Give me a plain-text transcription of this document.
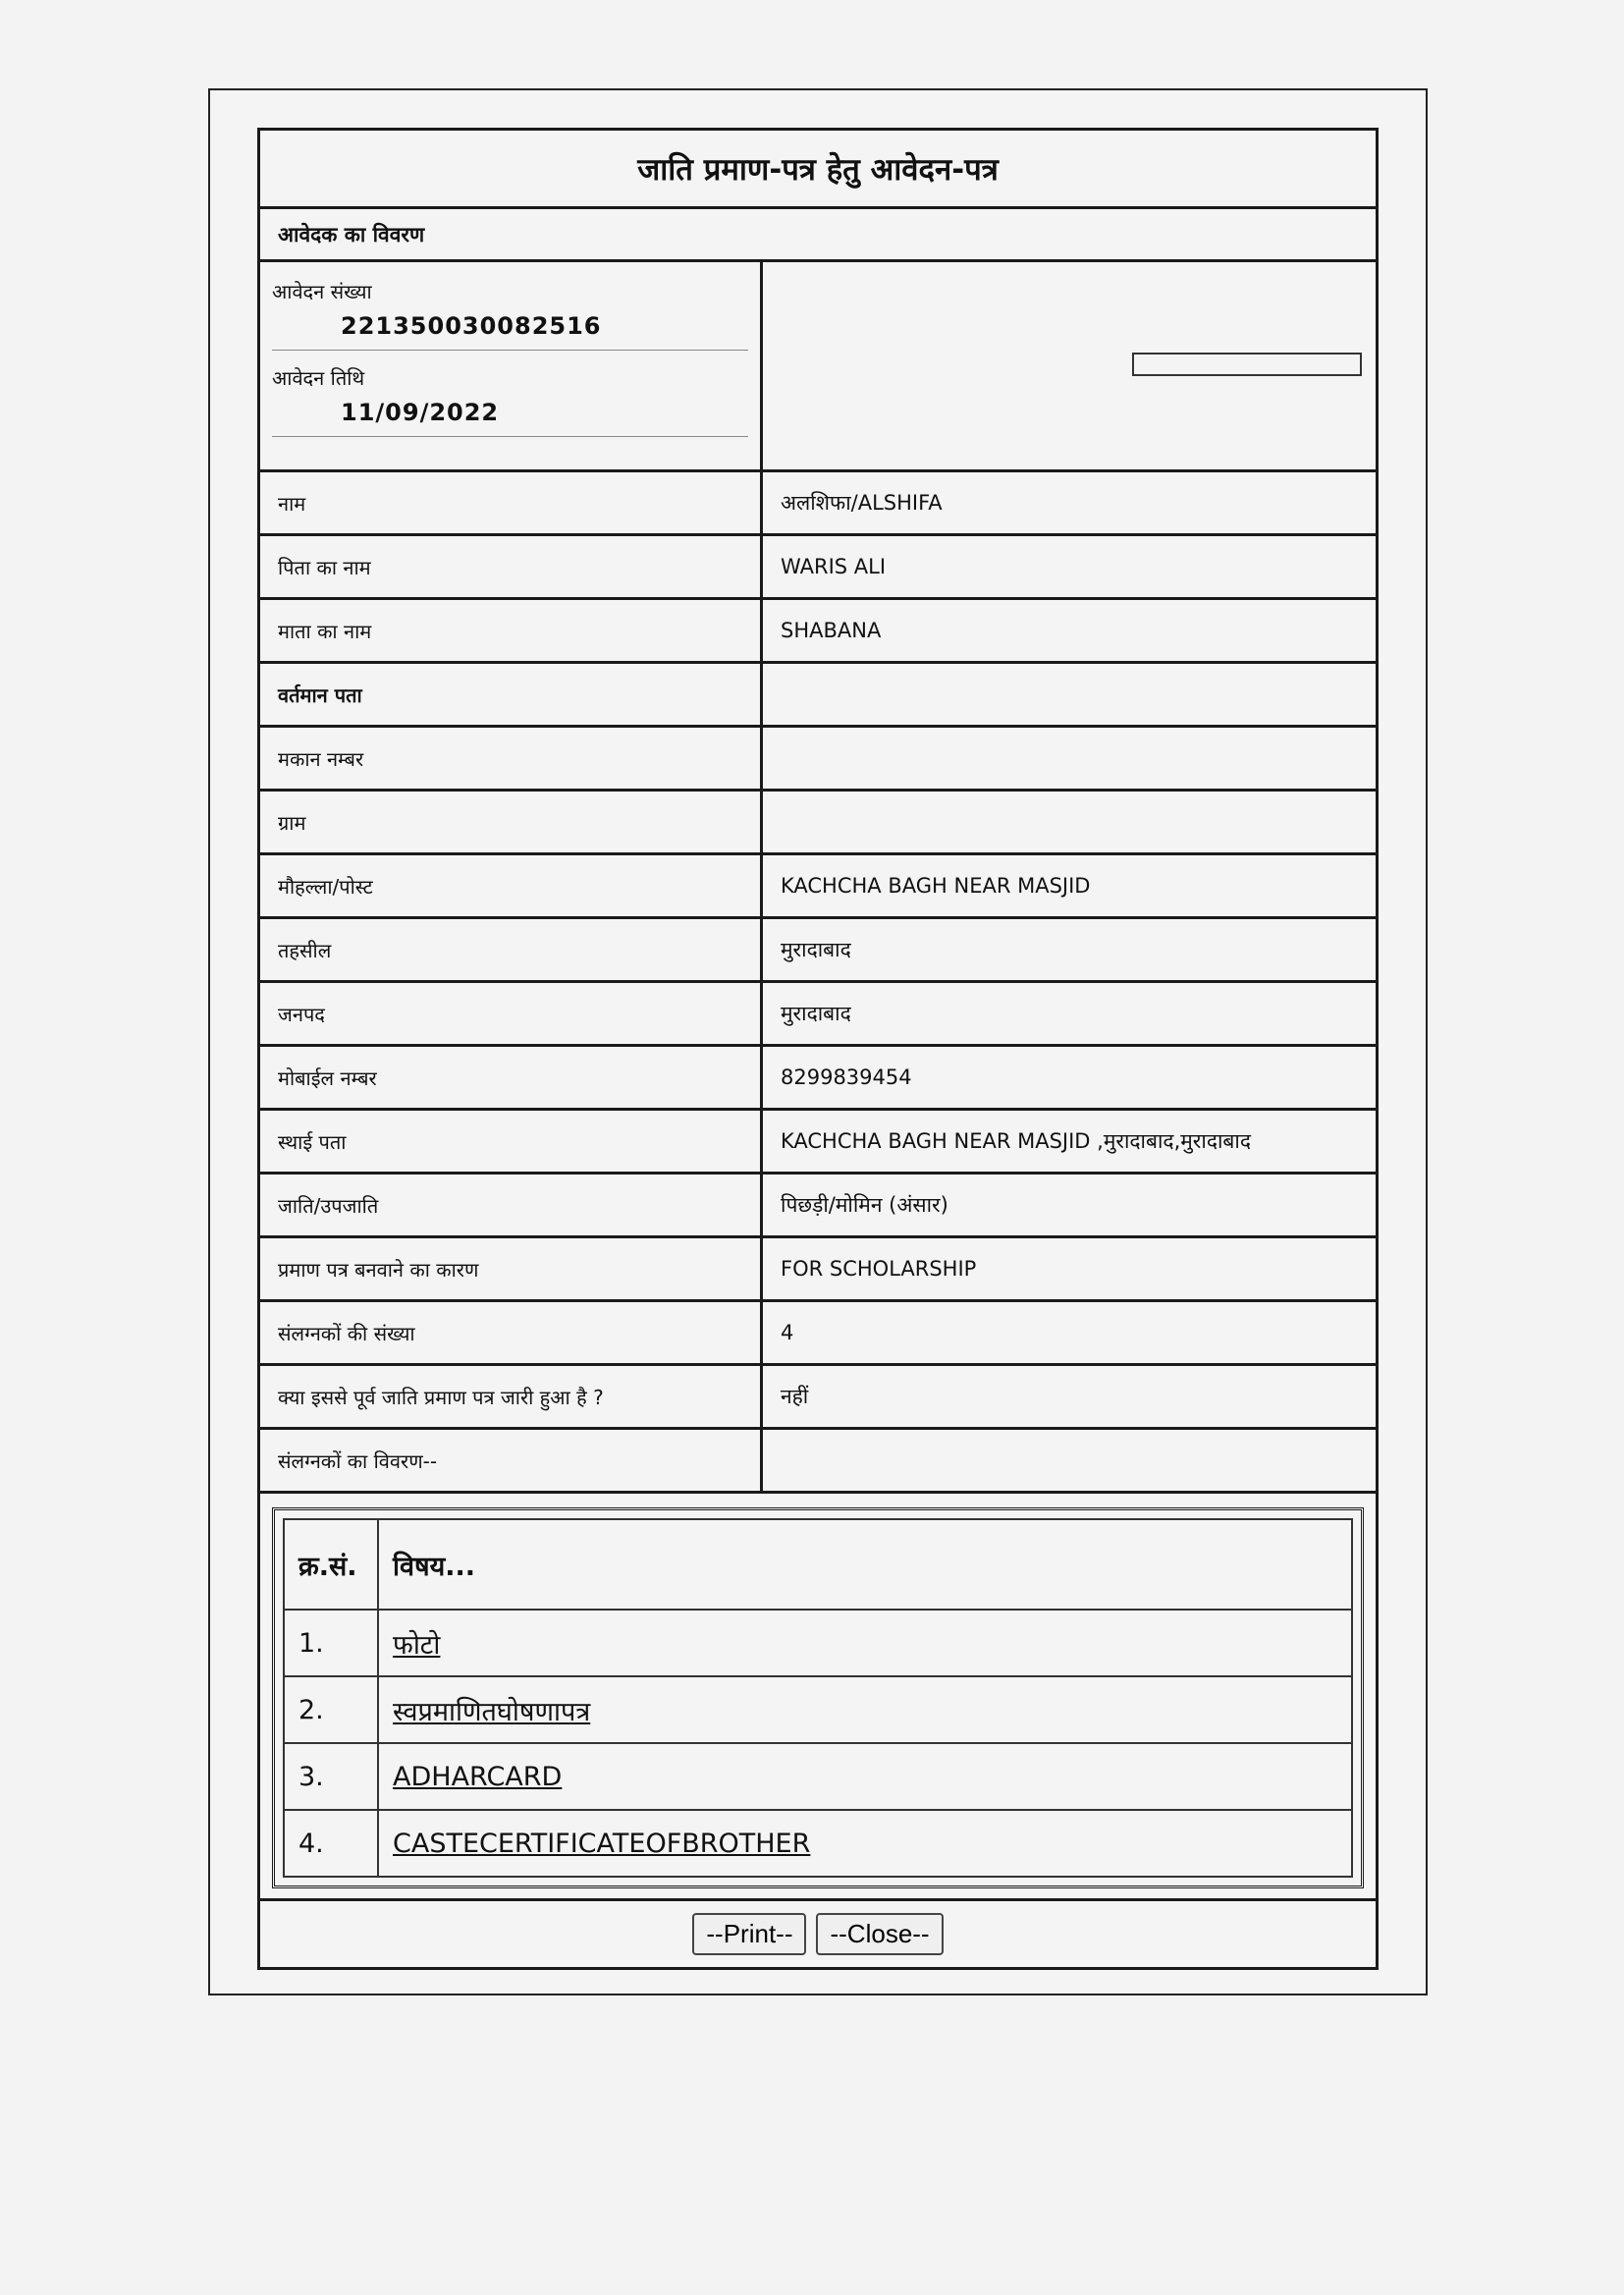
जाति प्रमाण-पत्र हेतु आवेदन-पत्र
आवेदक का विवरण
आवेदन संख्या
221350030082516
आवेदन तिथि
11/09/2022
नाम	अलशिफा/ALSHIFA
पिता का नाम	WARIS ALI
माता का नाम	SHABANA
वर्तमान पता
मकान नम्बर
ग्राम
मौहल्ला/पोस्ट	KACHCHA BAGH NEAR MASJID
तहसील	मुरादाबाद
जनपद	मुरादाबाद
मोबाईल नम्बर	8299839454
स्थाई पता	KACHCHA BAGH NEAR MASJID ,मुरादाबाद,मुरादाबाद
जाति/उपजाति	पिछड़ी/मोमिन (अंसार)
प्रमाण पत्र बनवाने का कारण	FOR SCHOLARSHIP
संलग्नकों की संख्या	4
क्या इससे पूर्व जाति प्रमाण पत्र जारी हुआ है ?	नहीं
संलग्नकों का विवरण--
क्र.सं.	विषय...
1.	फोटो
2.	स्वप्रमाणितघोषणापत्र
3.	ADHARCARD
4.	CASTECERTIFICATEOFBROTHER
--Print--	--Close--
